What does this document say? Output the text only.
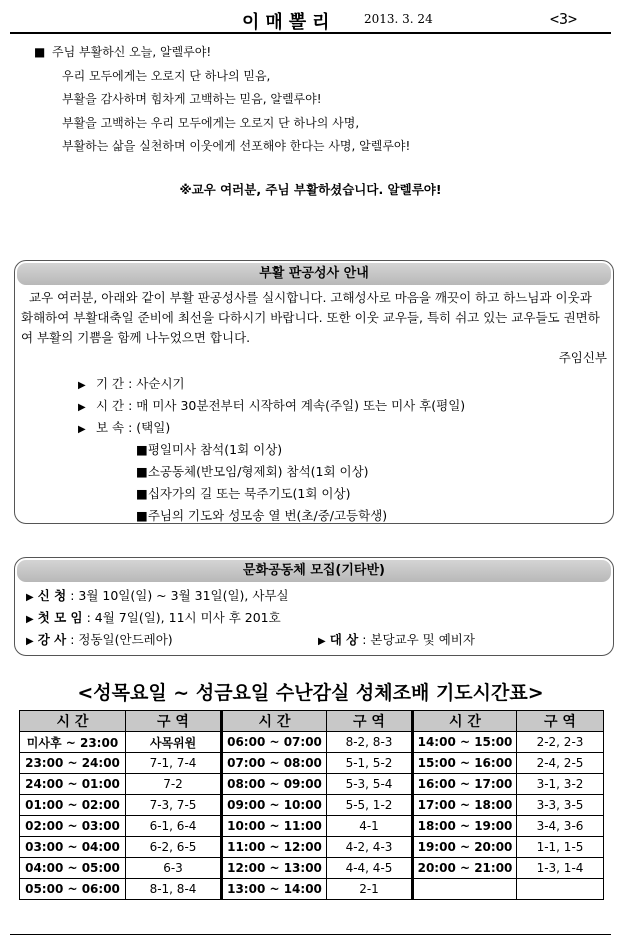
이매뽈리 2013. 3. 24	<3>
■ 주님 부활하신 오늘, 알렐루야!
우리 모두에게는 오로지 단 하나의 믿음,
부활을 감사하며 힘차게 고백하는 믿음, 알렐루야!
부활을 고백하는 우리 모두에게는 오로지 단 하나의 사명,
부활하는 삶을 실천하며 이웃에게 선포해야 한다는 사명, 알렐루야!
※교우 여러분, 주님 부활하셨습니다. 알렐루야!
부활 판공성사 안내
교우 여러분, 아래와 같이 부활 판공성사를 실시합니다. 고해성사로 마음을 깨끗이 하고 하느님과 이웃과 화해하여 부활대축일 준비에 최선을 다하시기 바랍니다. 또한 이웃 교우들, 특히 쉬고 있는 교우들도 권면하여 부활의 기쁨을 함께 나누었으면 합니다.
주임신부
▶ 기 간 : 사순시기
▶ 시 간 : 매 미사 30분전부터 시작하여 계속(주일) 또는 미사 후(평일)
▶ 보 속 : (택일)
■평일미사 참석(1회 이상)
■소공동체(반모임/형제회) 참석(1회 이상)
■십자가의 길 또는 묵주기도(1회 이상)
■주님의 기도와 성모송 열 번(초/중/고등학생)
문화공동체 모집(기타반)
▶ 신 청 : 3월 10일(일) ~ 3월 31일(일), 사무실
▶ 첫 모 임 : 4월 7일(일), 11시 미사 후 201호
▶ 강 사 : 정동일(안드레아)	▶ 대 상 : 본당교우 및 예비자
<성목요일 ~ 성금요일 수난감실 성체조배 기도시간표>
시 간	구 역	시 간	구 역	시 간	구 역
미사후 ~ 23:00	사목위원	06:00 ~ 07:00	8-2, 8-3	14:00 ~ 15:00	2-2, 2-3
23:00 ~ 24:00	7-1, 7-4	07:00 ~ 08:00	5-1, 5-2	15:00 ~ 16:00	2-4, 2-5
24:00 ~ 01:00	7-2	08:00 ~ 09:00	5-3, 5-4	16:00 ~ 17:00	3-1, 3-2
01:00 ~ 02:00	7-3, 7-5	09:00 ~ 10:00	5-5, 1-2	17:00 ~ 18:00	3-3, 3-5
02:00 ~ 03:00	6-1, 6-4	10:00 ~ 11:00	4-1	18:00 ~ 19:00	3-4, 3-6
03:00 ~ 04:00	6-2, 6-5	11:00 ~ 12:00	4-2, 4-3	19:00 ~ 20:00	1-1, 1-5
04:00 ~ 05:00	6-3	12:00 ~ 13:00	4-4, 4-5	20:00 ~ 21:00	1-3, 1-4
05:00 ~ 06:00	8-1, 8-4	13:00 ~ 14:00	2-1		
